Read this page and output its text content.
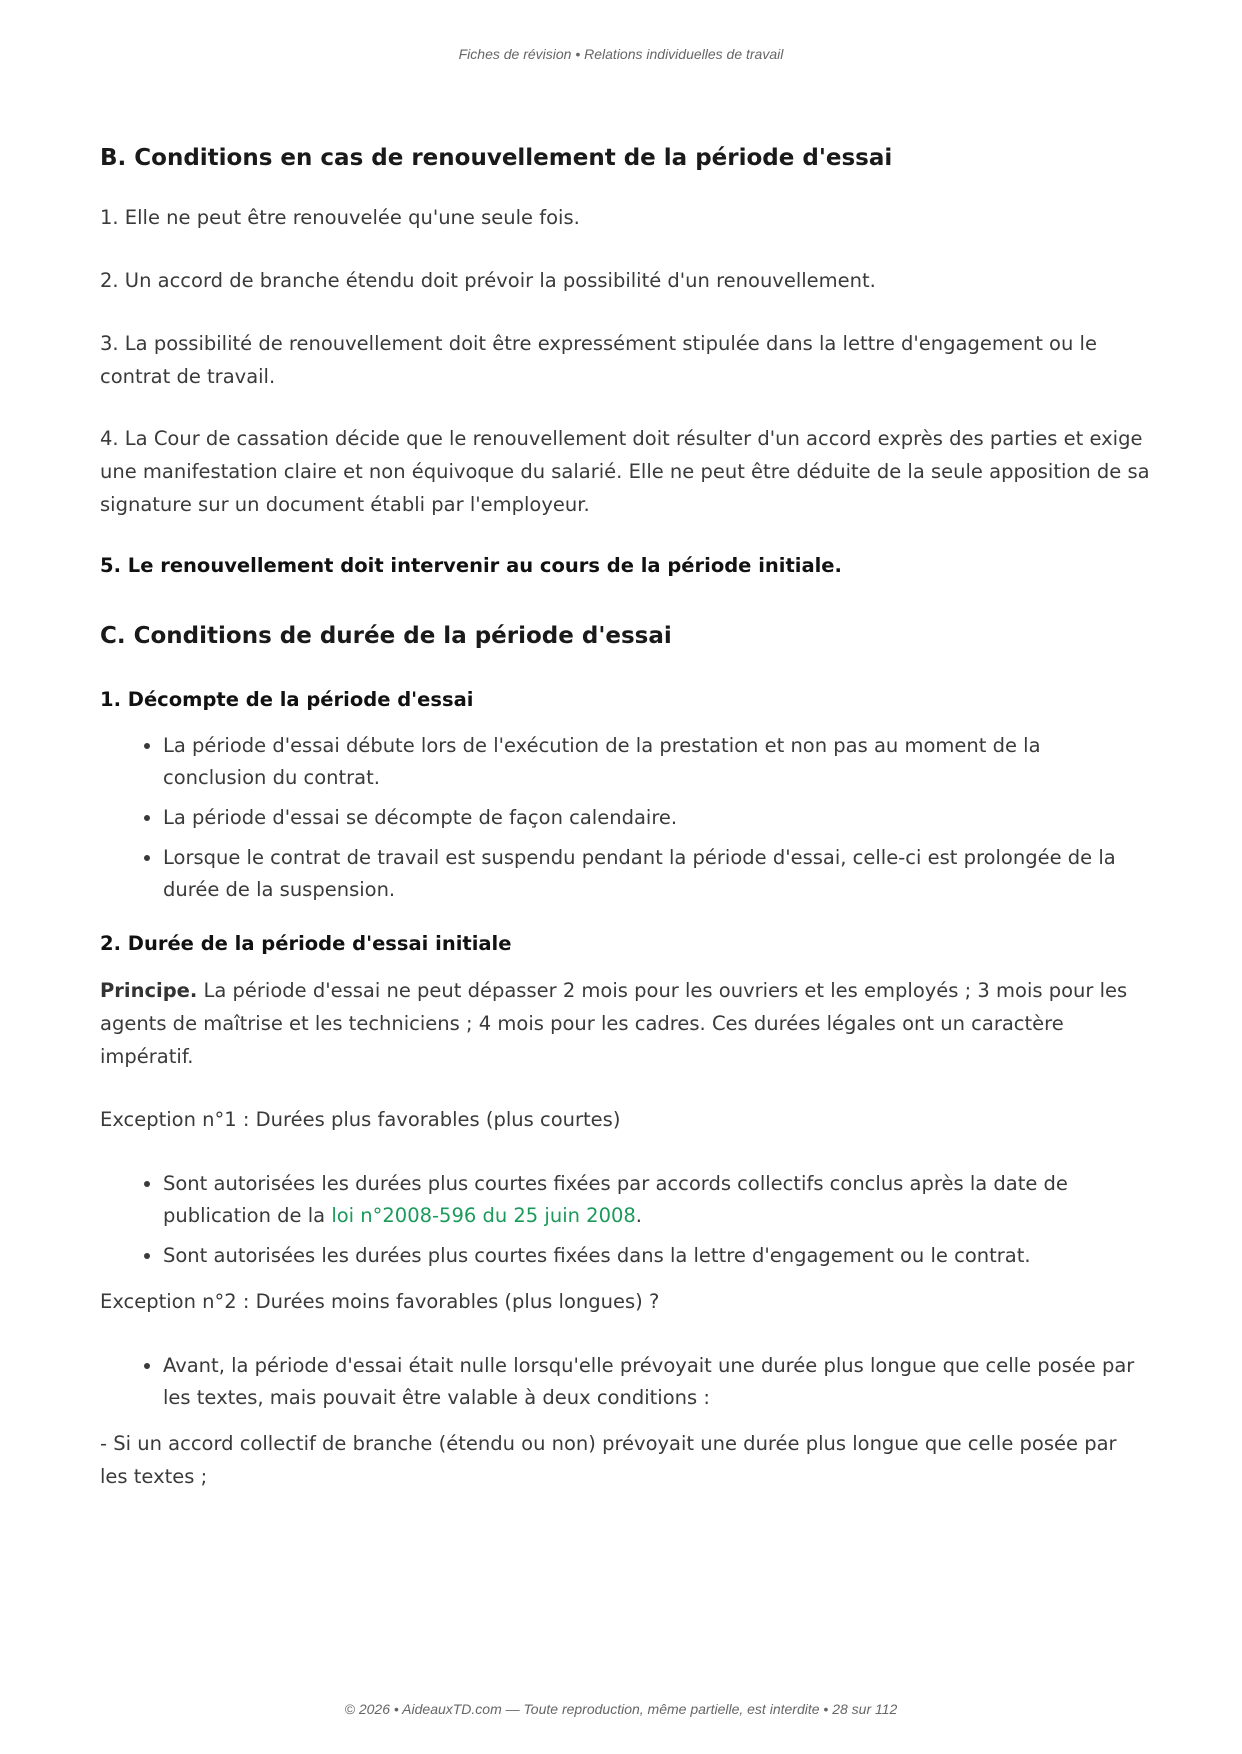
Fiches de révision • Relations individuelles de travail
B. Conditions en cas de renouvellement de la période d'essai

1. Elle ne peut être renouvelée qu'une seule fois.

2. Un accord de branche étendu doit prévoir la possibilité d'un renouvellement.

3. La possibilité de renouvellement doit être expressément stipulée dans la lettre d'engagement ou le contrat de travail.

4. La Cour de cassation décide que le renouvellement doit résulter d'un accord exprès des parties et exige une manifestation claire et non équivoque du salarié. Elle ne peut être déduite de la seule apposition de sa signature sur un document établi par l'employeur.

5. Le renouvellement doit intervenir au cours de la période initiale.

C. Conditions de durée de la période d'essai
1. Décompte de la période d'essai
• La période d'essai débute lors de l'exécution de la prestation et non pas au moment de la conclusion du contrat.
• La période d'essai se décompte de façon calendaire.
• Lorsque le contrat de travail est suspendu pendant la période d'essai, celle-ci est prolongée de la durée de la suspension.
2. Durée de la période d'essai initiale

Principe. La période d'essai ne peut dépasser 2 mois pour les ouvriers et les employés ; 3 mois pour les agents de maîtrise et les techniciens ; 4 mois pour les cadres. Ces durées légales ont un caractère impératif.

Exception n°1 : Durées plus favorables (plus courtes)

• Sont autorisées les durées plus courtes fixées par accords collectifs conclus après la date de publication de la loi n°2008-596 du 25 juin 2008.
• Sont autorisées les durées plus courtes fixées dans la lettre d'engagement ou le contrat.

Exception n°2 : Durées moins favorables (plus longues) ?

• Avant, la période d'essai était nulle lorsqu'elle prévoyait une durée plus longue que celle posée par les textes, mais pouvait être valable à deux conditions :

- Si un accord collectif de branche (étendu ou non) prévoyait une durée plus longue que celle posée par les textes ;

© 2026 • AideauxTD.com — Toute reproduction, même partielle, est interdite • 28 sur 112
